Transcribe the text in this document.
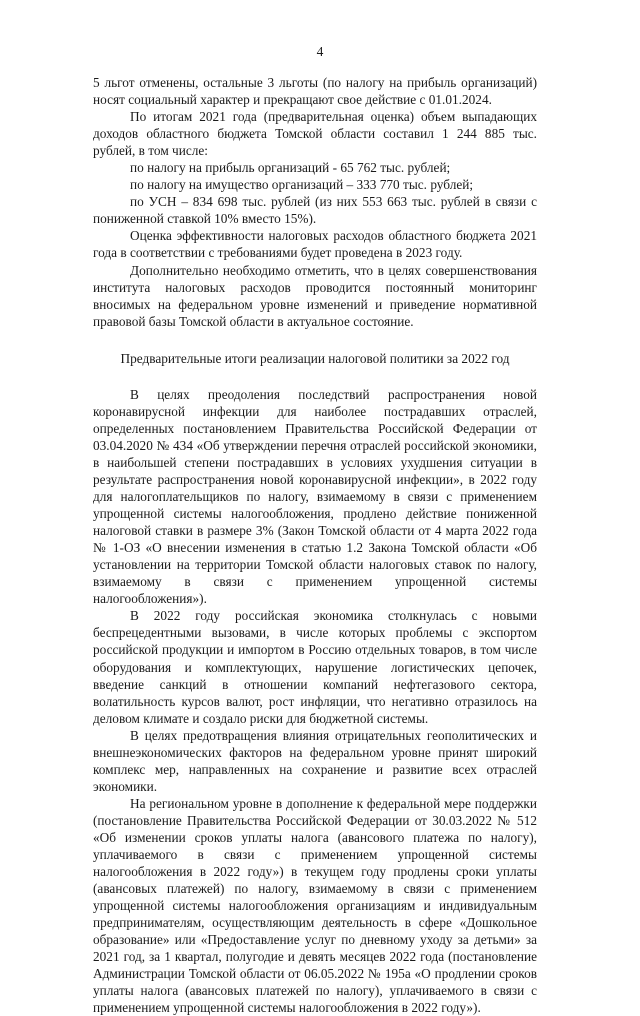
4

5 льгот отменены, остальные 3 льготы (по налогу на прибыль организаций) носят социальный характер и прекращают свое действие с 01.01.2024.

По итогам 2021 года (предварительная оценка) объем выпадающих доходов областного бюджета Томской области составил 1 244 885 тыс. рублей, в том числе:

по налогу на прибыль организаций - 65 762 тыс. рублей;

по налогу на имущество организаций – 333 770 тыс. рублей;

по УСН – 834 698 тыс. рублей (из них 553 663 тыс. рублей в связи с пониженной ставкой 10% вместо 15%).

Оценка эффективности налоговых расходов областного бюджета 2021 года в соответствии с требованиями будет проведена в 2023 году.

Дополнительно необходимо отметить, что в целях совершенствования института налоговых расходов проводится постоянный мониторинг вносимых на федеральном уровне изменений и приведение нормативной правовой базы Томской области в актуальное состояние.

Предварительные итоги реализации налоговой политики за 2022 год

В целях преодоления последствий распространения новой коронавирусной инфекции для наиболее пострадавших отраслей, определенных постановлением Правительства Российской Федерации от 03.04.2020 № 434 «Об утверждении перечня отраслей российской экономики, в наибольшей степени пострадавших в условиях ухудшения ситуации в результате распространения новой коронавирусной инфекции», в 2022 году для налогоплательщиков по налогу, взимаемому в связи с применением упрощенной системы налогообложения, продлено действие пониженной налоговой ставки в размере 3% (Закон Томской области от 4 марта 2022 года № 1-ОЗ «О внесении изменения в статью 1.2 Закона Томской области «Об установлении на территории Томской области налоговых ставок по налогу, взимаемому в связи с применением упрощенной системы налогообложения»).

В 2022 году российская экономика столкнулась с новыми беспрецедентными вызовами, в числе которых проблемы с экспортом российской продукции и импортом в Россию отдельных товаров, в том числе оборудования и комплектующих, нарушение логистических цепочек, введение санкций в отношении компаний нефтегазового сектора, волатильность курсов валют, рост инфляции, что негативно отразилось на деловом климате и создало риски для бюджетной системы.

В целях предотвращения влияния отрицательных геополитических и внешнеэкономических факторов на федеральном уровне принят широкий комплекс мер, направленных на сохранение и развитие всех отраслей экономики.

На региональном уровне в дополнение к федеральной мере поддержки (постановление Правительства Российской Федерации от 30.03.2022 № 512 «Об изменении сроков уплаты налога (авансового платежа по налогу), уплачиваемого в связи с применением упрощенной системы налогообложения в 2022 году») в текущем году продлены сроки уплаты (авансовых платежей) по налогу, взимаемому в связи с применением упрощенной системы налогообложения организациям и индивидуальным предпринимателям, осуществляющим деятельность в сфере «Дошкольное образование» или «Предоставление услуг по дневному уходу за детьми» за 2021 год, за 1 квартал, полугодие и девять месяцев 2022 года (постановление Администрации Томской области от 06.05.2022 № 195а «О продлении сроков уплаты налога (авансовых платежей по налогу), уплачиваемого в связи с применением упрощенной системы налогообложения в 2022 году»).
